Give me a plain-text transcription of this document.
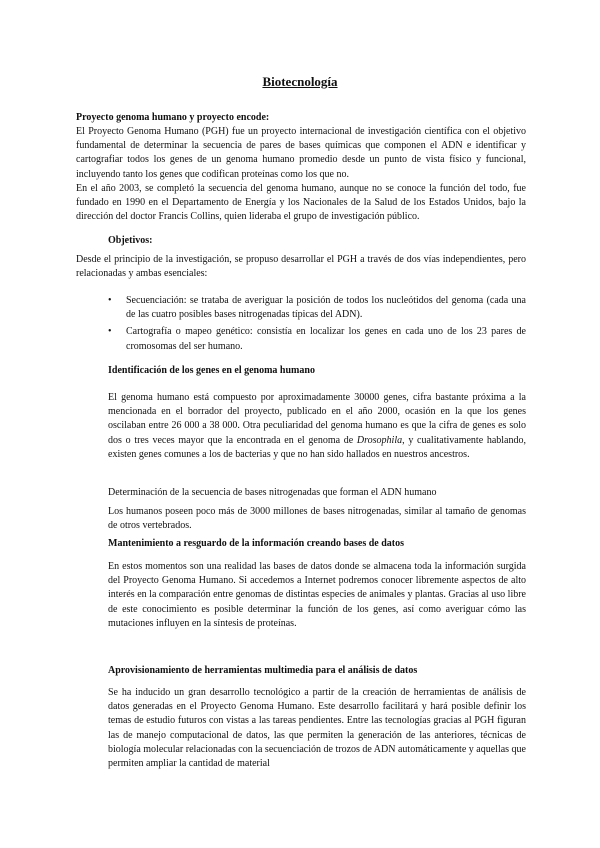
Biotecnología
Proyecto genoma humano y proyecto encode:

El Proyecto Genoma Humano (PGH) fue un proyecto internacional de investigación científica con el objetivo fundamental de determinar la secuencia de pares de bases químicas que componen el ADN e identificar y cartografiar todos los genes de un genoma humano promedio desde un punto de vista físico y funcional, incluyendo tanto los genes que codifican proteínas como los que no.

En el año 2003, se completó la secuencia del genoma humano, aunque no se conoce la función del todo, fue fundado en 1990 en el Departamento de Energía y los Nacionales de la Salud de los Estados Unidos, bajo la dirección del doctor Francis Collins, quien lideraba el grupo de investigación público.

Objetivos:

Desde el principio de la investigación, se propuso desarrollar el PGH a través de dos vías independientes, pero relacionadas y ambas esenciales:

• Secuenciación: se trataba de averiguar la posición de todos los nucleótidos del genoma (cada una de las cuatro posibles bases nitrogenadas típicas del ADN).
• Cartografía o mapeo genético: consistía en localizar los genes en cada uno de los 23 pares de cromosomas del ser humano.
Identificación de los genes en el genoma humano

El genoma humano está compuesto por aproximadamente 30000 genes, cifra bastante próxima a la mencionada en el borrador del proyecto, publicado en el año 2000, ocasión en la que los genes oscilaban entre 26 000 a 38 000. Otra peculiaridad del genoma humano es que la cifra de genes es solo dos o tres veces mayor que la encontrada en el genoma de Drosophila, y cualitativamente hablando, existen genes comunes a los de bacterias y que no han sido hallados en nuestros ancestros.

Determinación de la secuencia de bases nitrogenadas que forman el ADN humano

Los humanos poseen poco más de 3000 millones de bases nitrogenadas, similar al tamaño de genomas de otros vertebrados.

Mantenimiento a resguardo de la información creando bases de datos

En estos momentos son una realidad las bases de datos donde se almacena toda la información surgida del Proyecto Genoma Humano. Si accedemos a Internet podremos conocer libremente aspectos de alto interés en la comparación entre genomas de distintas especies de animales y plantas. Gracias al uso libre de este conocimiento es posible determinar la función de los genes, así como averiguar cómo las mutaciones influyen en la síntesis de proteínas.

Aprovisionamiento de herramientas multimedia para el análisis de datos

Se ha inducido un gran desarrollo tecnológico a partir de la creación de herramientas de análisis de datos generadas en el Proyecto Genoma Humano. Este desarrollo facilitará y hará posible definir los temas de estudio futuros con vistas a las tareas pendientes. Entre las tecnologías gracias al PGH figuran las de manejo computacional de datos, las que permiten la generación de las anteriores, técnicas de biología molecular relacionadas con la secuenciación de trozos de ADN automáticamente y aquellas que permiten ampliar la cantidad de material
